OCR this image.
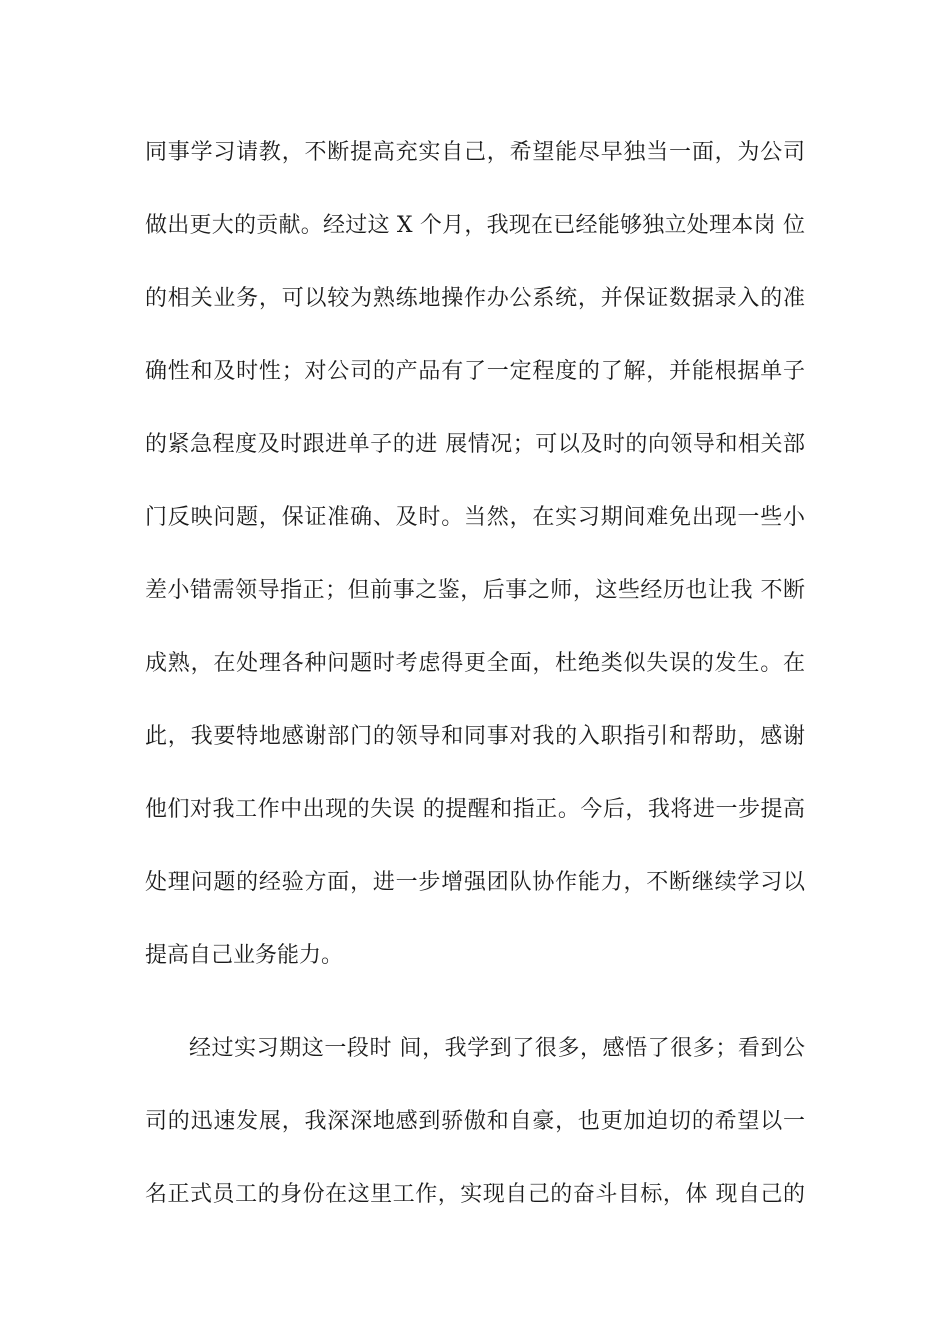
同事学习请教，不断提高充实自己，希望能尽早独当一面，为公司
做出更大的贡献。经过这 X 个月，我现在已经能够独立处理本岗 位
的相关业务，可以较为熟练地操作办公系统，并保证数据录入的准
确性和及时性；对公司的产品有了一定程度的了解，并能根据单子
的紧急程度及时跟进单子的进 展情况；可以及时的向领导和相关部
门反映问题，保证准确、及时。当然，在实习期间难免出现一些小
差小错需领导指正；但前事之鉴，后事之师，这些经历也让我 不断
成熟，在处理各种问题时考虑得更全面，杜绝类似失误的发生。在
此，我要特地感谢部门的领导和同事对我的入职指引和帮助，感谢
他们对我工作中出现的失误 的提醒和指正。今后，我将进一步提高
处理问题的经验方面，进一步增强团队协作能力，不断继续学习以
提高自己业务能力。
经过实习期这一段时 间，我学到了很多，感悟了很多；看到公
司的迅速发展，我深深地感到骄傲和自豪，也更加迫切的希望以一
名正式员工的身份在这里工作，实现自己的奋斗目标，体 现自己的
